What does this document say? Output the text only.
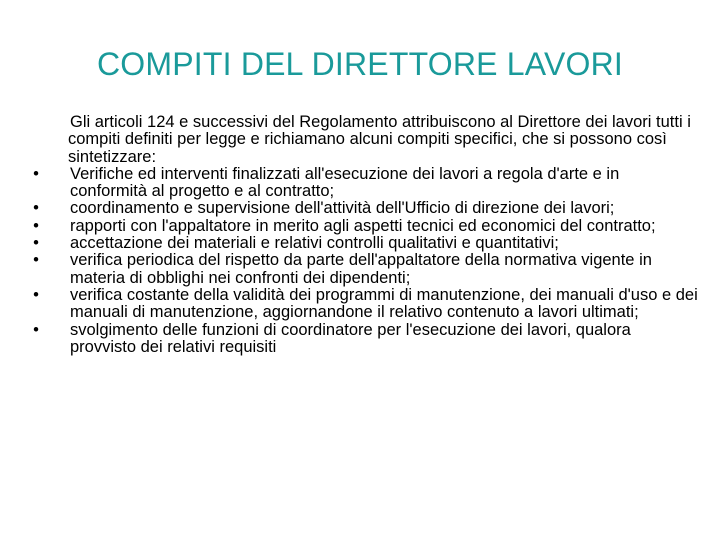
COMPITI DEL DIRETTORE LAVORI

Gli articoli 124 e successivi del Regolamento attribuiscono al Direttore dei lavori tutti i compiti definiti per legge e richiamano alcuni compiti specifici, che si possono così sintetizzare:

• Verifiche ed interventi finalizzati all'esecuzione dei lavori a regola d'arte e in conformità al progetto e al contratto;
• coordinamento e supervisione dell'attività dell'Ufficio di direzione dei lavori;
• rapporti con l'appaltatore in merito agli aspetti tecnici ed economici del contratto;
• accettazione dei materiali e relativi controlli qualitativi e quantitativi;
• verifica periodica del rispetto da parte dell'appaltatore della normativa vigente in materia di obblighi nei confronti dei dipendenti;
• verifica costante della validità dei programmi di manutenzione, dei manuali d'uso e dei manuali di manutenzione, aggiornandone il relativo contenuto a lavori ultimati;
• svolgimento delle funzioni di coordinatore per l'esecuzione dei lavori, qualora provvisto dei relativi requisiti
